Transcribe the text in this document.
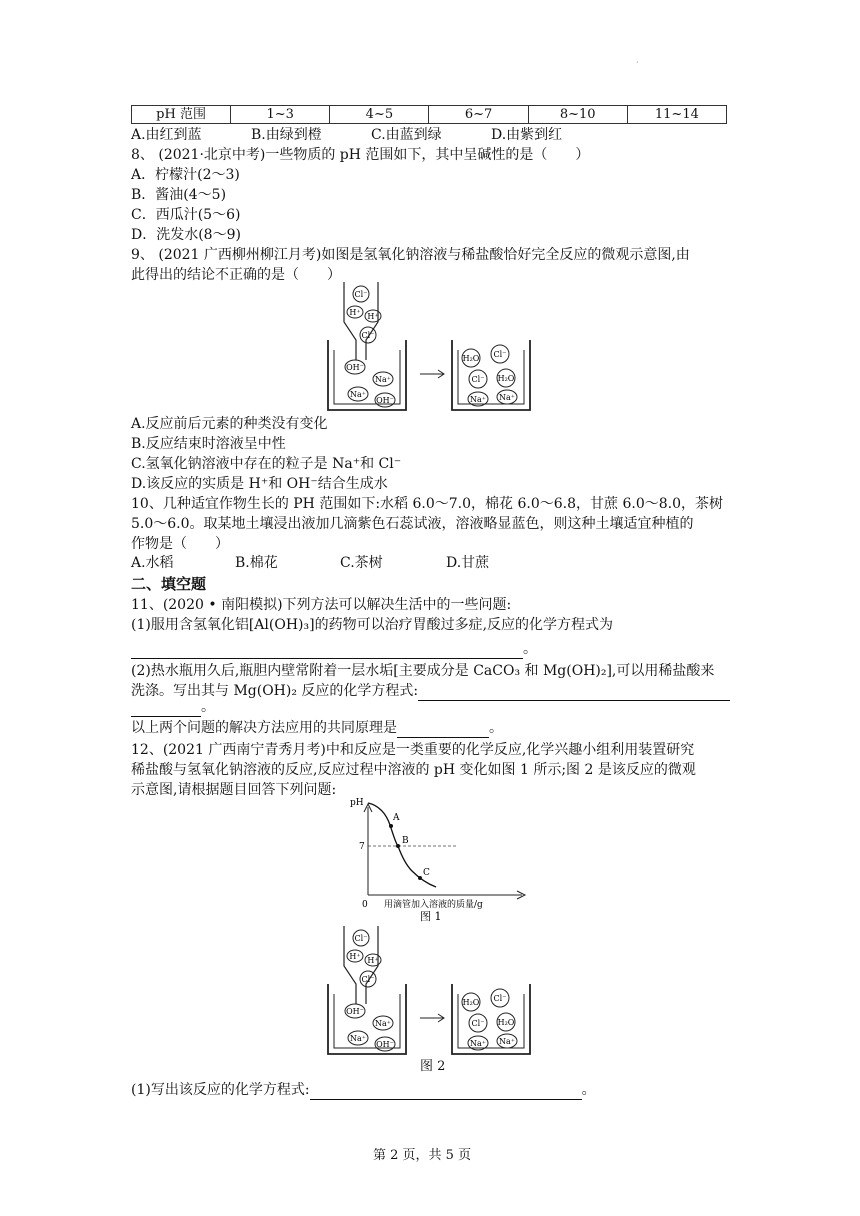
·
pH 范围	1~3	4~5	6~7	8~10	11~14
A.由红到蓝	B.由绿到橙	C.由蓝到绿	D.由紫到红
8、 (2021·北京中考)一些物质的 pH 范围如下，其中呈碱性的是（　　）
A．柠檬汁(2～3)
B．酱油(4～5)
C．西瓜汁(5～6)
D．洗发水(8～9)
9、 (2021 广西柳州柳江月考)如图是氢氧化钠溶液与稀盐酸恰好完全反应的微观示意图,由
此得出的结论不正确的是（　　）
Cl⁻
H⁺ H⁺
Cl⁻
OH⁻
Na⁺
Na⁺
OH⁻
H₂O Cl⁻
Cl⁻ H₂O
Na⁺ Na⁺
A.反应前后元素的种类没有变化
B.反应结束时溶液呈中性
C.氢氧化钠溶液中存在的粒子是 Na⁺和 Cl⁻
D.该反应的实质是 H⁺和 OH⁻结合生成水
10、几种适宜作物生长的 PH 范围如下:水稻 6.0～7.0，棉花 6.0～6.8，甘蔗 6.0～8.0，茶树
5.0～6.0。取某地土壤浸出液加几滴紫色石蕊试液，溶液略显蓝色，则这种土壤适宜种植的
作物是（　　）
A.水稻	B.棉花	C.茶树	D.甘蔗
二、填空题
11、(2020 • 南阳模拟)下列方法可以解决生活中的一些问题:
(1)服用含氢氧化铝[Al(OH)₃]的药物可以治疗胃酸过多症,反应的化学方程式为
。
(2)热水瓶用久后,瓶胆内壁常附着一层水垢[主要成分是 CaCO₃ 和 Mg(OH)₂],可以用稀盐酸来
洗涤。写出其与 Mg(OH)₂ 反应的化学方程式:
。
以上两个问题的解决方法应用的共同原理是	。
12、(2021 广西南宁青秀月考)中和反应是一类重要的化学反应,化学兴趣小组利用装置研究
稀盐酸与氢氧化钠溶液的反应,反应过程中溶液的 pH 变化如图 1 所示;图 2 是该反应的微观
示意图,请根据题目回答下列问题:
pH
0 用滴管加入溶液的质量/g
7
A
B
C
图 1
Cl⁻
H⁺ H⁺
Cl⁻
OH⁻
Na⁺
Na⁺
OH⁻
H₂O Cl⁻
Cl⁻ H₂O
Na⁺ Na⁺
图 2
(1)写出该反应的化学方程式:	。
第 2 页，共 5 页
